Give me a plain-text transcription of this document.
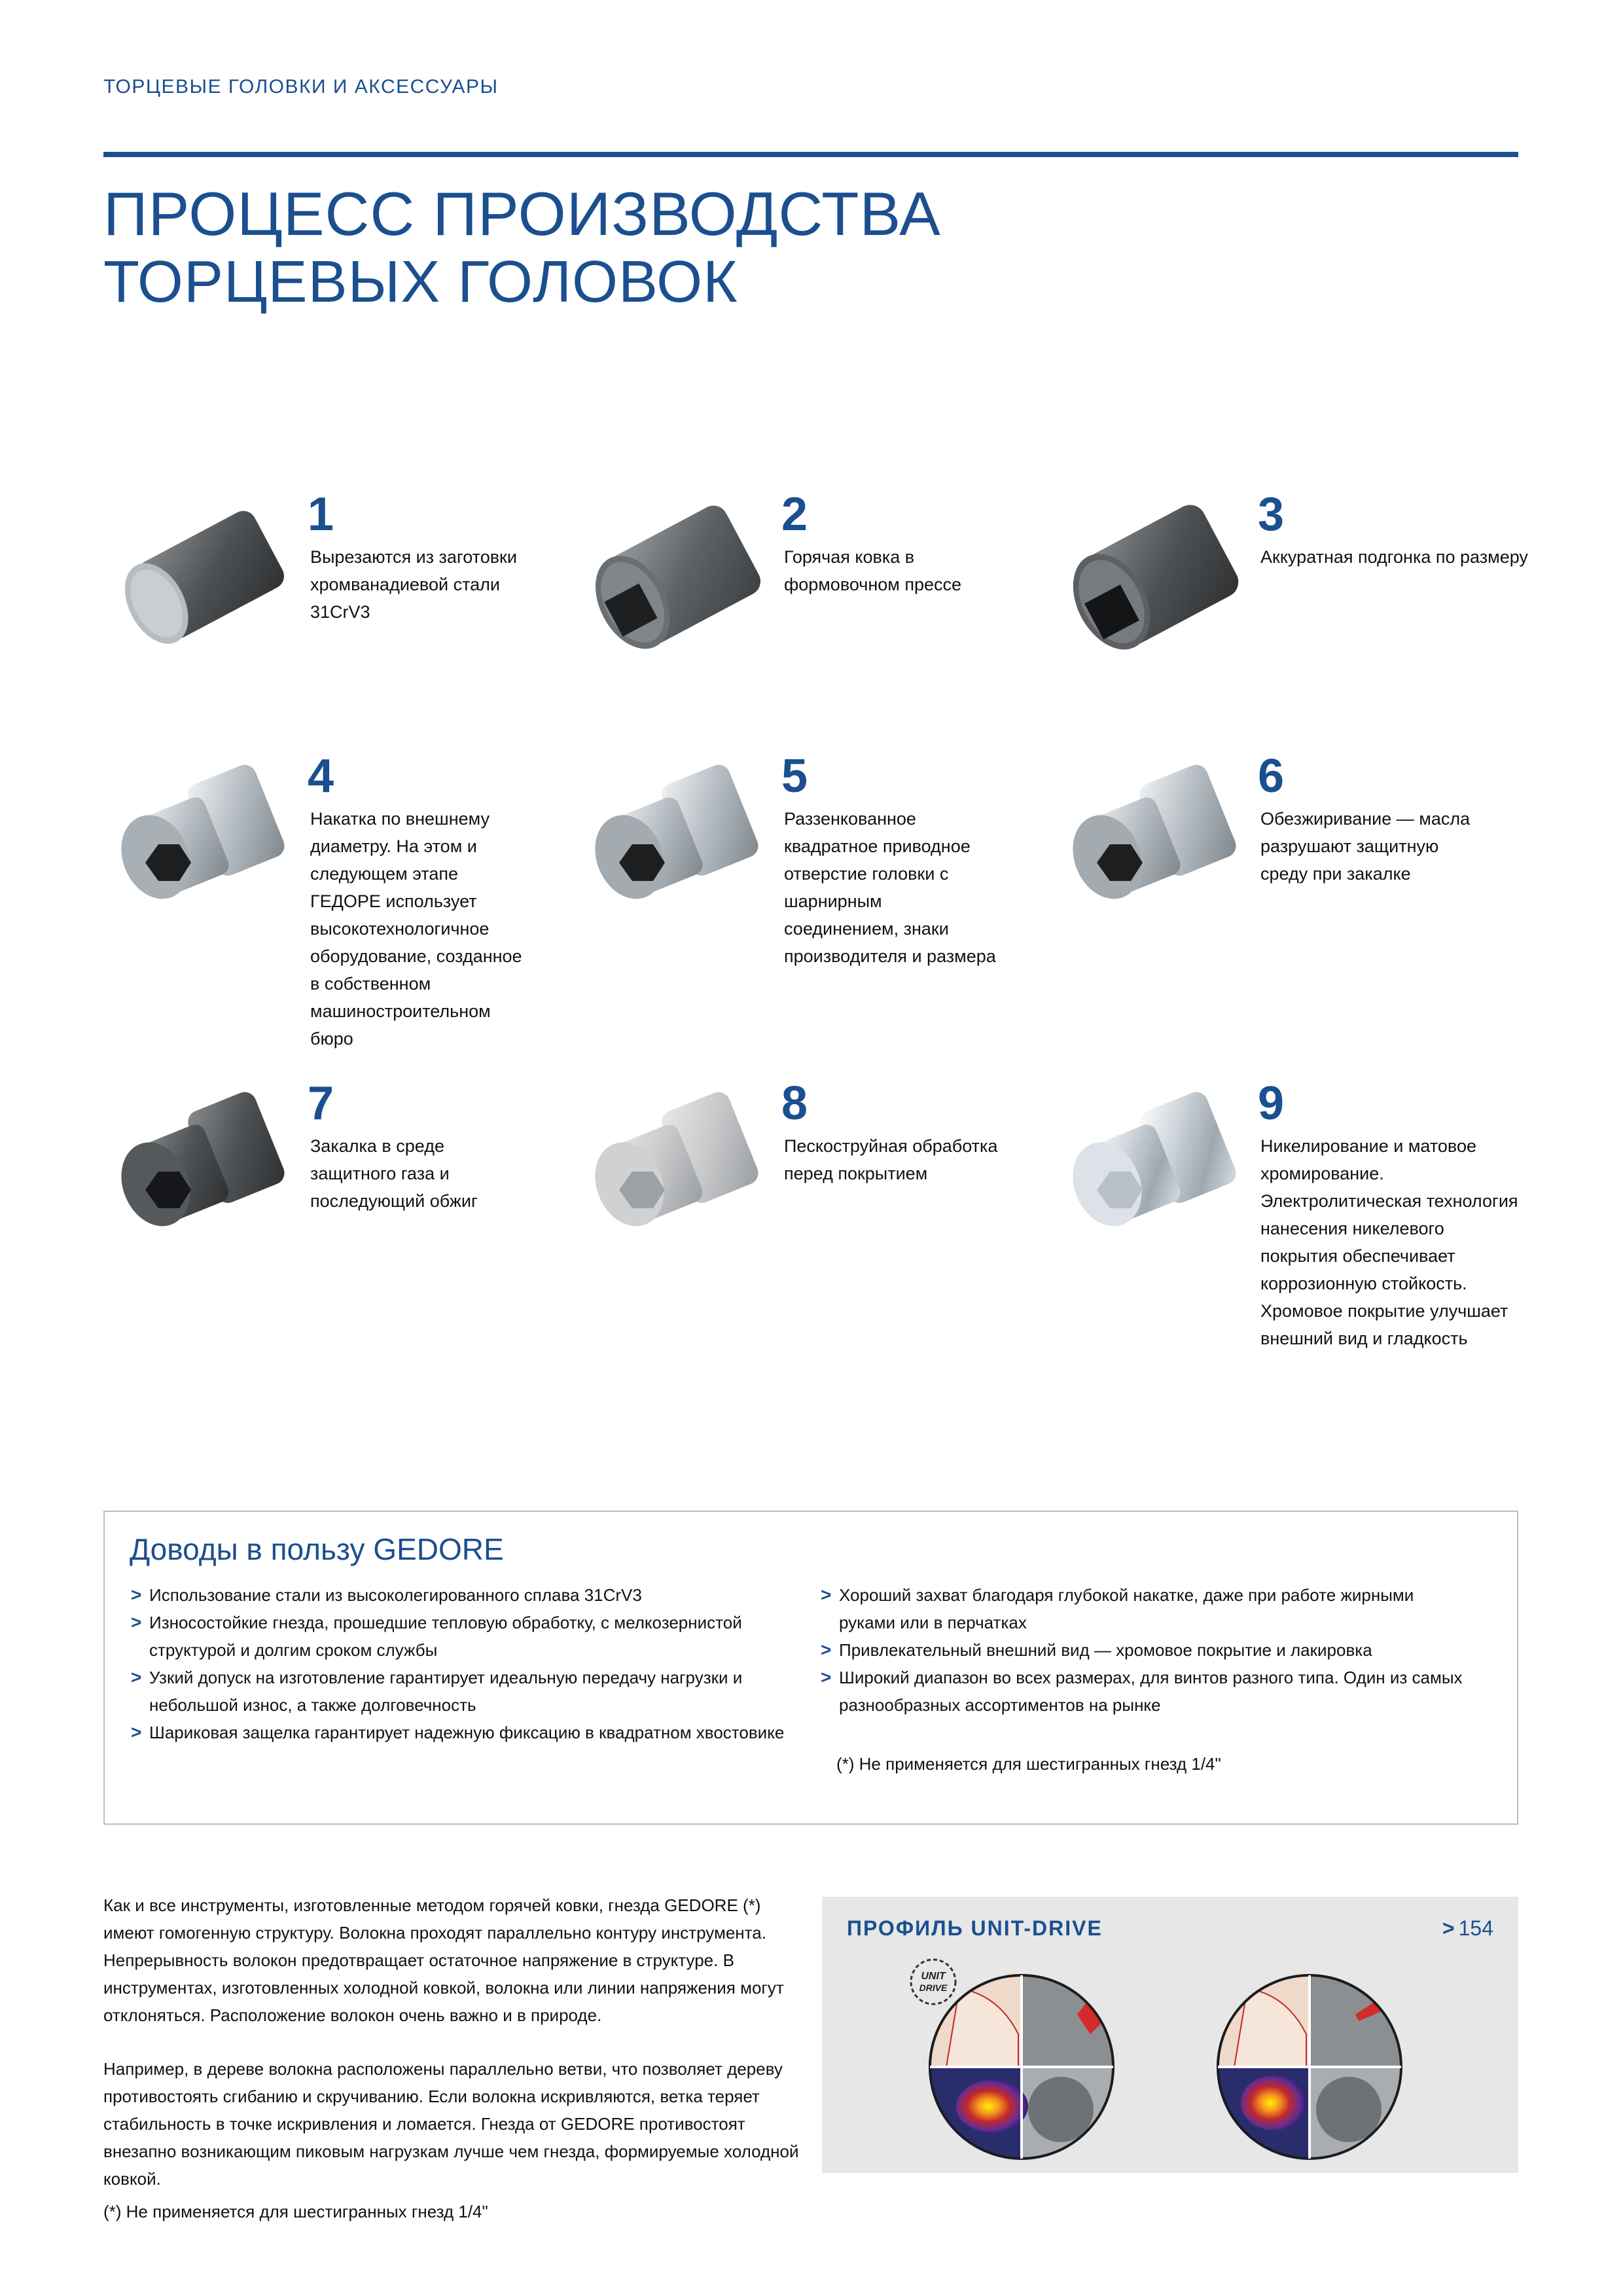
ТОРЦЕВЫЕ ГОЛОВКИ И АКСЕССУАРЫ
ПРОЦЕСС ПРОИЗВОДСТВА
ТОРЦЕВЫХ ГОЛОВОК
1
Вырезаются из заготовки хромванадиевой стали 31CrV3
2
Горячая ковка в формовочном прессе
3
Аккуратная подгонка по размеру
4
Накатка по внешнему диаметру. На этом и следующем этапе ГЕДОРЕ использует высокотехнологичное оборудование, созданное в собственном машиностроительном бюро
5
Раззенкованное квадратное приводное отверстие головки с шарнирным соединением, знаки производителя и размера
6
Обезжиривание — масла разрушают защитную среду при закалке
7
Закалка в среде защитного газа и последующий обжиг
8
Пескоструйная обработка перед покрытием
9
Никелирование и матовое хромирование. Электролитическая технология нанесения никелевого покрытия обеспечивает коррозионную стойкость. Хромовое покрытие улучшает внешний вид и гладкость
Доводы в пользу GEDORE
> Использование стали из высоколегированного сплава 31CrV3
> Износостойкие гнезда, прошедшие тепловую обработку, с мелкозернистой структурой и долгим сроком службы
> Узкий допуск на изготовление гарантирует идеальную передачу нагрузки и небольшой износ, а также долговечность
> Шариковая защелка гарантирует надежную фиксацию в квадратном хвостовике
> Хороший захват благодаря глубокой накатке, даже при работе жирными руками или в перчатках
> Привлекательный внешний вид — хромовое покрытие и лакировка
> Широкий диапазон во всех размерах, для винтов разного типа. Один из самых разнообразных ассортиментов на рынке
(*) Не применяется для шестигранных гнезд 1/4"

Как и все инструменты, изготовленные методом горячей ковки, гнезда GEDORE (*) имеют гомогенную структуру. Волокна проходят параллельно контуру инструмента. Непрерывность волокон предотвращает остаточное напряжение в структуре. В инструментах, изготовленных холодной ковкой, волокна или линии напряжения могут отклоняться. Расположение волокон очень важно и в природе.

Например, в дереве волокна расположены параллельно ветви, что позволяет дереву противостоять сгибанию и скручиванию. Если волокна искривляются, ветка теряет стабильность в точке искривления и ломается. Гнезда от GEDORE противостоят внезапно возникающим пиковым нагрузкам лучше чем гнезда, формируемые холодной ковкой.

(*) Не применяется для шестигранных гнезд 1/4"
ПРОФИЛЬ UNIT-DRIVE	> 154
UNIT
DRIVE
